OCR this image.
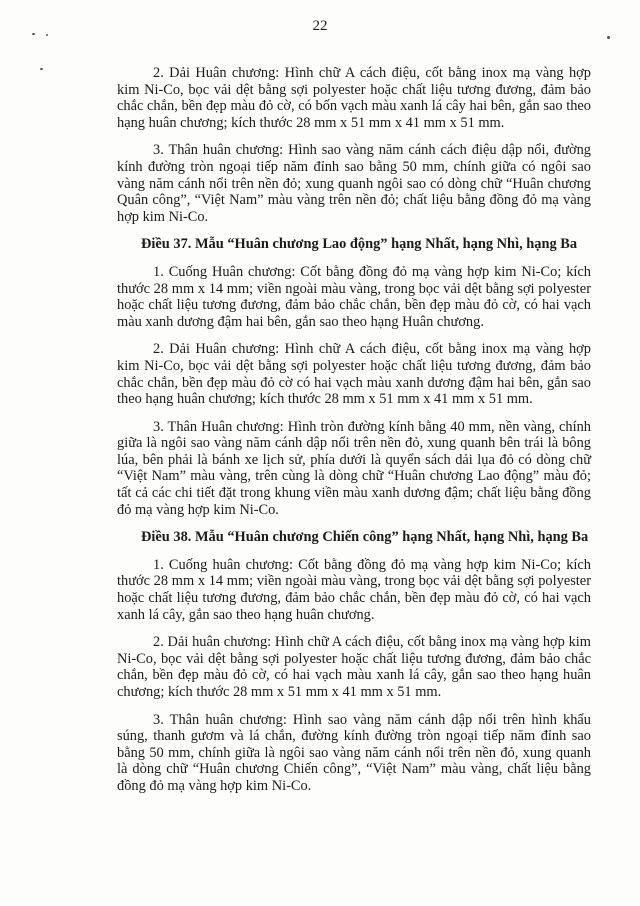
22

2. Dải Huân chương: Hình chữ A cách điệu, cốt bằng inox mạ vàng hợp kim Ni-Co, bọc vải dệt bằng sợi polyester hoặc chất liệu tương đương, đảm bảo chắc chắn, bền đẹp màu đỏ cờ, có bốn vạch màu xanh lá cây hai bên, gắn sao theo hạng huân chương; kích thước 28 mm x 51 mm x 41 mm x 51 mm.

3. Thân huân chương: Hình sao vàng năm cánh cách điệu dập nổi, đường kính đường tròn ngoại tiếp năm đỉnh sao bằng 50 mm, chính giữa có ngôi sao vàng năm cánh nổi trên nền đỏ; xung quanh ngôi sao có dòng chữ “Huân chương Quân công”, “Việt Nam” màu vàng trên nền đỏ; chất liệu bằng đồng đỏ mạ vàng hợp kim Ni-Co.

Điều 37. Mẫu “Huân chương Lao động” hạng Nhất, hạng Nhì, hạng Ba

1. Cuống Huân chương: Cốt bằng đồng đỏ mạ vàng hợp kim Ni-Co; kích thước 28 mm x 14 mm; viền ngoài màu vàng, trong bọc vải dệt bằng sợi polyester hoặc chất liệu tương đương, đảm bảo chắc chắn, bền đẹp màu đỏ cờ, có hai vạch màu xanh dương đậm hai bên, gắn sao theo hạng Huân chương.

2. Dải Huân chương: Hình chữ A cách điệu, cốt bằng inox mạ vàng hợp kim Ni-Co, bọc vải dệt bằng sợi polyester hoặc chất liệu tương đương, đảm bảo chắc chắn, bền đẹp màu đỏ cờ có hai vạch màu xanh dương đậm hai bên, gắn sao theo hạng huân chương; kích thước 28 mm x 51 mm x 41 mm x 51 mm.

3. Thân Huân chương: Hình tròn đường kính bằng 40 mm, nền vàng, chính giữa là ngôi sao vàng năm cánh dập nổi trên nền đỏ, xung quanh bên trái là bông lúa, bên phải là bánh xe lịch sử, phía dưới là quyển sách dải lụa đỏ có dòng chữ “Việt Nam” màu vàng, trên cùng là dòng chữ “Huân chương Lao động” màu đỏ; tất cả các chi tiết đặt trong khung viền màu xanh dương đậm; chất liệu bằng đồng đỏ mạ vàng hợp kim Ni-Co.

Điều 38. Mẫu “Huân chương Chiến công” hạng Nhất, hạng Nhì, hạng Ba

1. Cuống huân chương: Cốt bằng đồng đỏ mạ vàng hợp kim Ni-Co; kích thước 28 mm x 14 mm; viền ngoài màu vàng, trong bọc vải dệt bằng sợi polyester hoặc chất liệu tương đương, đảm bảo chắc chắn, bền đẹp màu đỏ cờ, có hai vạch xanh lá cây, gắn sao theo hạng huân chương.

2. Dải huân chương: Hình chữ A cách điệu, cốt bằng inox mạ vàng hợp kim Ni-Co, bọc vải dệt bằng sợi polyester hoặc chất liệu tương đương, đảm bảo chắc chắn, bền đẹp màu đỏ cờ, có hai vạch màu xanh lá cây, gắn sao theo hạng huân chương; kích thước 28 mm x 51 mm x 41 mm x 51 mm.

3. Thân huân chương: Hình sao vàng năm cánh dập nổi trên hình khẩu súng, thanh gươm và lá chắn, đường kính đường tròn ngoại tiếp năm đỉnh sao bằng 50 mm, chính giữa là ngôi sao vàng năm cánh nổi trên nền đỏ, xung quanh là dòng chữ “Huân chương Chiến công”, “Việt Nam” màu vàng, chất liệu bằng đồng đỏ mạ vàng hợp kim Ni-Co.
